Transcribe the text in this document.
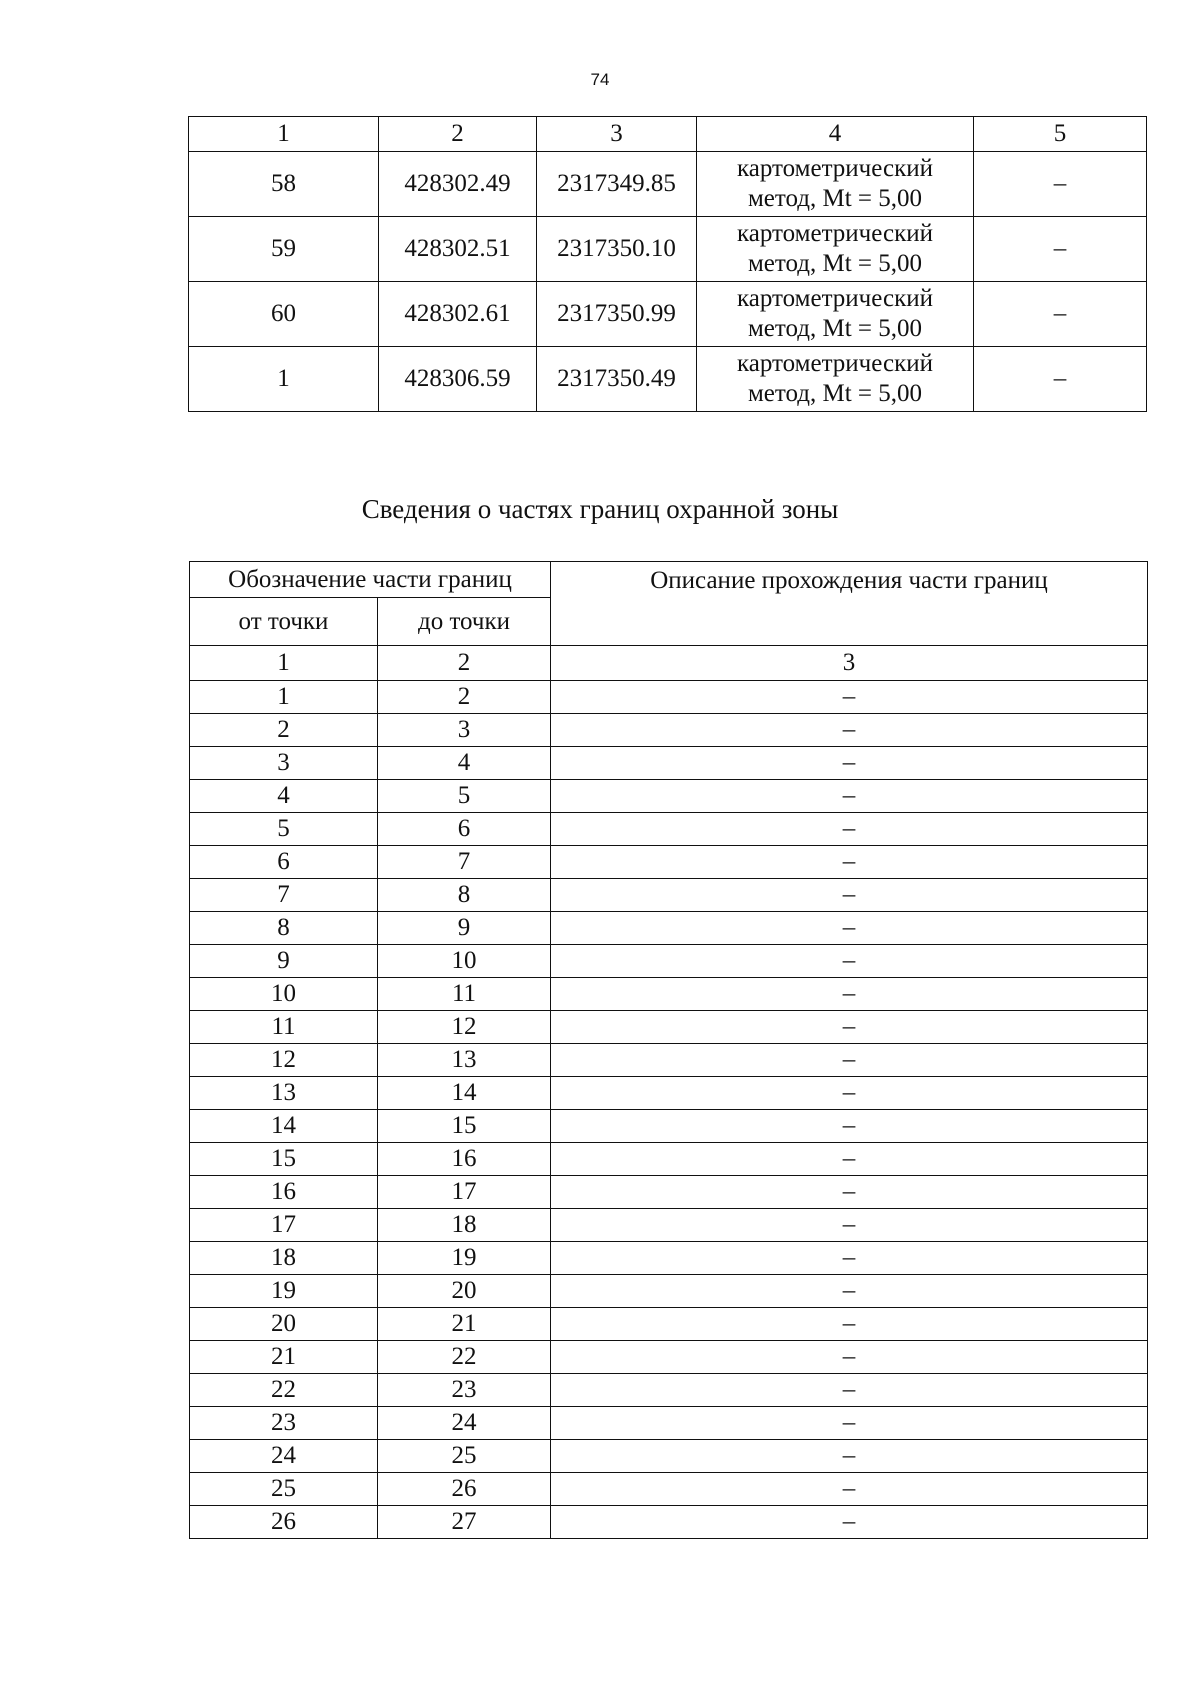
74
1	2	3	4	5
58	428302.49	2317349.85	картометрический
метод, Mt = 5,00	–
59	428302.51	2317350.10	картометрический
метод, Mt = 5,00	–
60	428302.61	2317350.99	картометрический
метод, Mt = 5,00	–
1	428306.59	2317350.49	картометрический
метод, Mt = 5,00	–
Сведения о частях границ охранной зоны
Обозначение части границ		Описание прохождения части границ
от точки	до точки	
1	2	3
1	2	–
2	3	–
3	4	–
4	5	–
5	6	–
6	7	–
7	8	–
8	9	–
9	10	–
10	11	–
11	12	–
12	13	–
13	14	–
14	15	–
15	16	–
16	17	–
17	18	–
18	19	–
19	20	–
20	21	–
21	22	–
22	23	–
23	24	–
24	25	–
25	26	–
26	27	–
